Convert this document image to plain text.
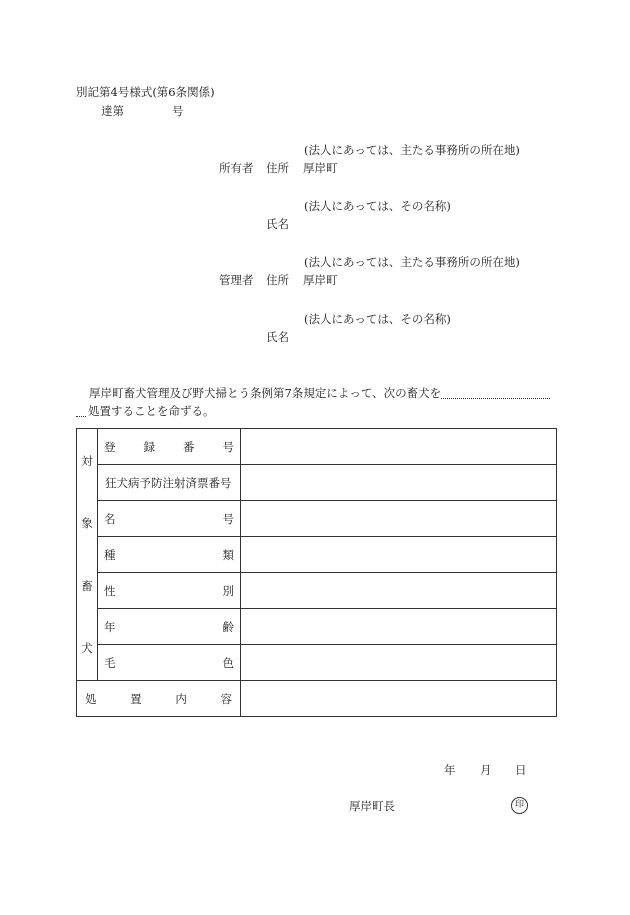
別記第4号様式(第6条関係)
達第	号
(法人にあっては、主たる事務所の所在地)
所有者 住所 厚岸町
(法人にあっては、その名称)
氏名
(法人にあっては、主たる事務所の所在地)
管理者 住所 厚岸町
(法人にあっては、その名称)
氏名
厚岸町畜犬管理及び野犬掃とう条例第7条規定によって、次の畜犬を
処置することを命ずる。
対
象
畜
犬	登 録 番 号	

	狂犬病予防注射済票番号	

	名 号	

	種 類	

	性 別	

	年 齢	

	毛 色	

処 置 内 容		

年 月 日
厚岸町長	印
